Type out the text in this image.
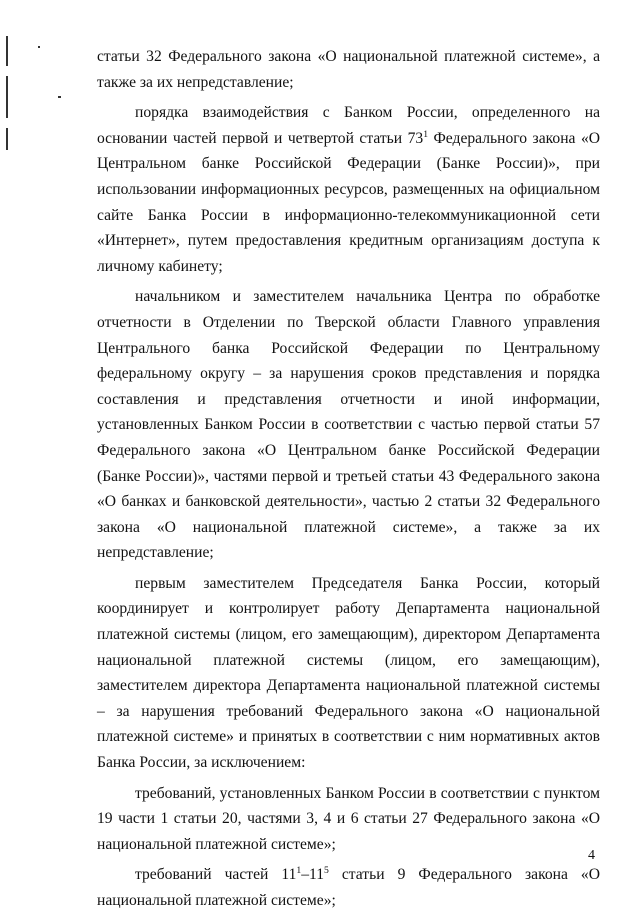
статьи 32 Федерального закона «О национальной платежной системе», а также за их непредставление;

порядка взаимодействия с Банком России, определенного на основании частей первой и четвертой статьи $73^1$ Федерального закона «О Центральном банке Российской Федерации (Банке России)», при использовании информационных ресурсов, размещенных на официальном сайте Банка России в информационно-телекоммуникационной сети «Интернет», путем предоставления кредитным организациям доступа к личному кабинету;

начальником и заместителем начальника Центра по обработке отчетности в Отделении по Тверской области Главного управления Центрального банка Российской Федерации по Центральному федеральному округу – за нарушения сроков представления и порядка составления и представления отчетности и иной информации, установленных Банком России в соответствии с частью первой статьи 57 Федерального закона «О Центральном банке Российской Федерации (Банке России)», частями первой и третьей статьи 43 Федерального закона «О банках и банковской деятельности», частью 2 статьи 32 Федерального закона «О национальной платежной системе», а также за их непредставление;

первым заместителем Председателя Банка России, который координирует и контролирует работу Департамента национальной платежной системы (лицом, его замещающим), директором Департамента национальной платежной системы (лицом, его замещающим), заместителем директора Департамента национальной платежной системы – за нарушения требований Федерального закона «О национальной платежной системе» и принятых в соответствии с ним нормативных актов Банка России, за исключением:

требований, установленных Банком России в соответствии с пунктом 19 части 1 статьи 20, частями 3, 4 и 6 статьи 27 Федерального закона «О национальной платежной системе»;

требований частей $11^1-11^5$ статьи 9 Федерального закона «О национальной платежной системе»;

4
